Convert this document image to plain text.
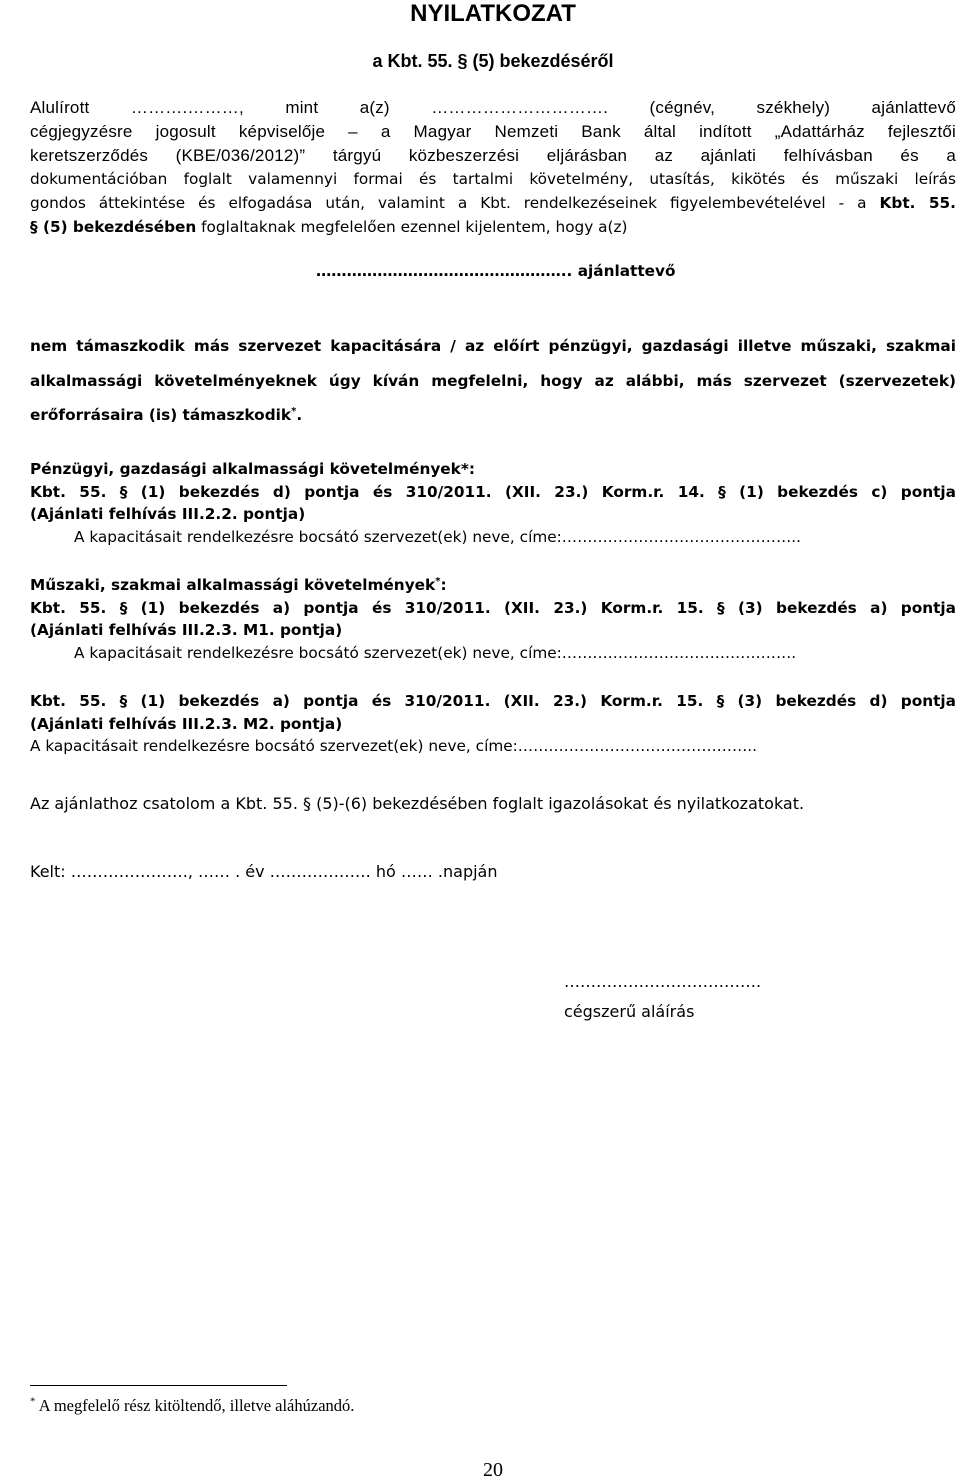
NYILATKOZAT
a Kbt. 55. § (5) bekezdéséről
Alulírott ……….………, mint a(z) …………………………. (cégnév, székhely) ajánlattevő
cégjegyzésre jogosult képviselője – a Magyar Nemzeti Bank által indított „Adattárház fejlesztői
keretszerződés (KBE/036/2012)” tárgyú közbeszerzési eljárásban az ajánlati felhívásban és a
dokumentációban foglalt valamennyi formai és tartalmi követelmény, utasítás, kikötés és műszaki leírás
gondos áttekintése és elfogadása után, valamint a Kbt. rendelkezéseinek figyelembevételével - a Kbt. 55.
§ (5) bekezdésében foglaltaknak megfelelően ezennel kijelentem, hogy a(z)
………………………………………….. ajánlattevő
nem támaszkodik más szervezet kapacitására / az előírt pénzügyi, gazdasági illetve műszaki, szakmai
alkalmassági követelményeknek úgy kíván megfelelni, hogy az alábbi, más szervezet (szervezetek)
erőforrásaira (is) támaszkodik*.
Pénzügyi, gazdasági alkalmassági követelmények*:
Kbt. 55. § (1) bekezdés d) pontja és 310/2011. (XII. 23.) Korm.r. 14. § (1) bekezdés c) pontja
(Ajánlati felhívás III.2.2. pontja)
A kapacitásait rendelkezésre bocsátó szervezet(ek) neve, címe:………………………………………..
Műszaki, szakmai alkalmassági követelmények*:
Kbt. 55. § (1) bekezdés a) pontja és 310/2011. (XII. 23.) Korm.r. 15. § (3) bekezdés a) pontja
(Ajánlati felhívás III.2.3. M1. pontja)
A kapacitásait rendelkezésre bocsátó szervezet(ek) neve, címe:……………………………………….
Kbt. 55. § (1) bekezdés a) pontja és 310/2011. (XII. 23.) Korm.r. 15. § (3) bekezdés d) pontja
(Ajánlati felhívás III.2.3. M2. pontja)
A kapacitásait rendelkezésre bocsátó szervezet(ek) neve, címe:………………………………………..
Az ajánlathoz csatolom a Kbt. 55. § (5)-(6) bekezdésében foglalt igazolásokat és nyilatkozatokat.
Kelt: …………………., …… . év ………………. hó …… .napján
……………………………….
cégszerű aláírás
* A megfelelő rész kitöltendő, illetve aláhúzandó.
20
